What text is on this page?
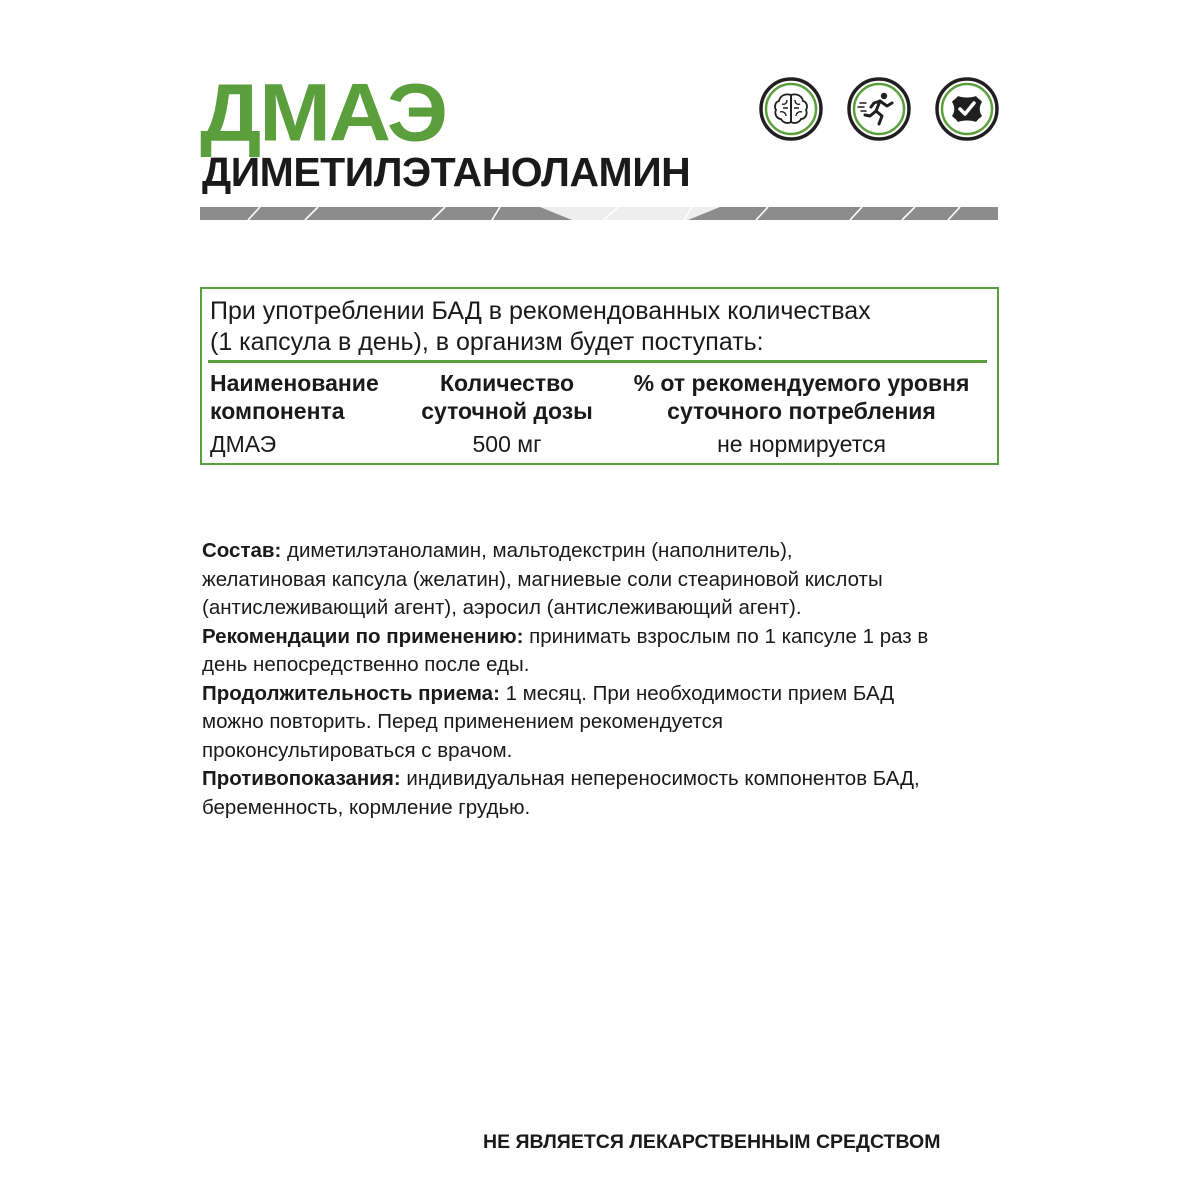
ДМАЭ
ДИМЕТИЛЭТАНОЛАМИН

При употреблении БАД в рекомендованных количествах
(1 капсула в день), в организм будет поступать:

Наименование
компонента

Количество
суточной дозы

% от рекомендуемого уровня
суточного потребления

ДМАЭ	500 мг	не нормируется

Состав: диметилэтаноламин, мальтодекстрин (наполнитель),
желатиновая капсула (желатин), магниевые соли стеариновой кислоты
(антислеживающий агент), аэросил (антислеживающий агент).

Рекомендации по применению: принимать взрослым по 1 капсуле 1 раз в
день непосредственно после еды.

Продолжительность приема: 1 месяц. При необходимости прием БАД
можно повторить. Перед применением рекомендуется
проконсультироваться с врачом.

Противопоказания: индивидуальная непереносимость компонентов БАД,
беременность, кормление грудью.

НЕ ЯВЛЯЕТСЯ ЛЕКАРСТВЕННЫМ СРЕДСТВОМ
